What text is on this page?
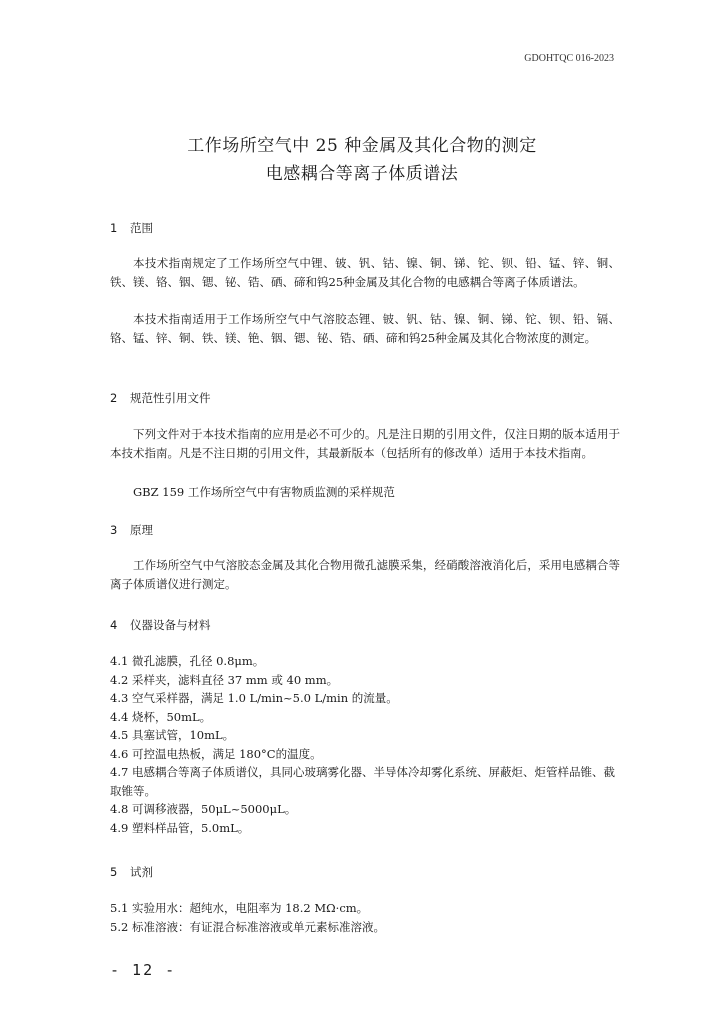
GDOHTQC 016-2023
工作场所空气中 25 种金属及其化合物的测定
电感耦合等离子体质谱法
1 范围
本技术指南规定了工作场所空气中锂、铍、钒、钴、镍、铜、锑、铊、钡、铅、锰、锌、铜、铁、镁、铬、铟、锶、铋、锆、硒、碲和钨25种金属及其化合物的电感耦合等离子体质谱法。
本技术指南适用于工作场所空气中气溶胶态锂、铍、钒、钴、镍、铜、锑、铊、钡、铅、镉、铬、锰、锌、铜、铁、镁、铯、铟、锶、铋、锆、硒、碲和钨25种金属及其化合物浓度的测定。
2 规范性引用文件
下列文件对于本技术指南的应用是必不可少的。凡是注日期的引用文件，仅注日期的版本适用于本技术指南。凡是不注日期的引用文件，其最新版本（包括所有的修改单）适用于本技术指南。
GBZ 159 工作场所空气中有害物质监测的采样规范
3 原理
工作场所空气中气溶胶态金属及其化合物用微孔滤膜采集，经硝酸溶液消化后，采用电感耦合等离子体质谱仪进行测定。
4 仪器设备与材料
4.1 微孔滤膜，孔径 0.8μm。
4.2 采样夹，滤料直径 37 mm 或 40 mm。
4.3 空气采样器，满足 1.0 L/min~5.0 L/min 的流量。
4.4 烧杯，50mL。
4.5 具塞试管，10mL。
4.6 可控温电热板，满足 180°C的温度。
4.7 电感耦合等离子体质谱仪，具同心玻璃雾化器、半导体冷却雾化系统、屏蔽炬、炬管样品锥、截取锥等。
4.8 可调移液器，50μL~5000μL。
4.9 塑料样品管，5.0mL。
5 试剂
5.1 实验用水：超纯水，电阻率为 18.2 MΩ·cm。
5.2 标准溶液：有证混合标准溶液或单元素标准溶液。
- 12 -
